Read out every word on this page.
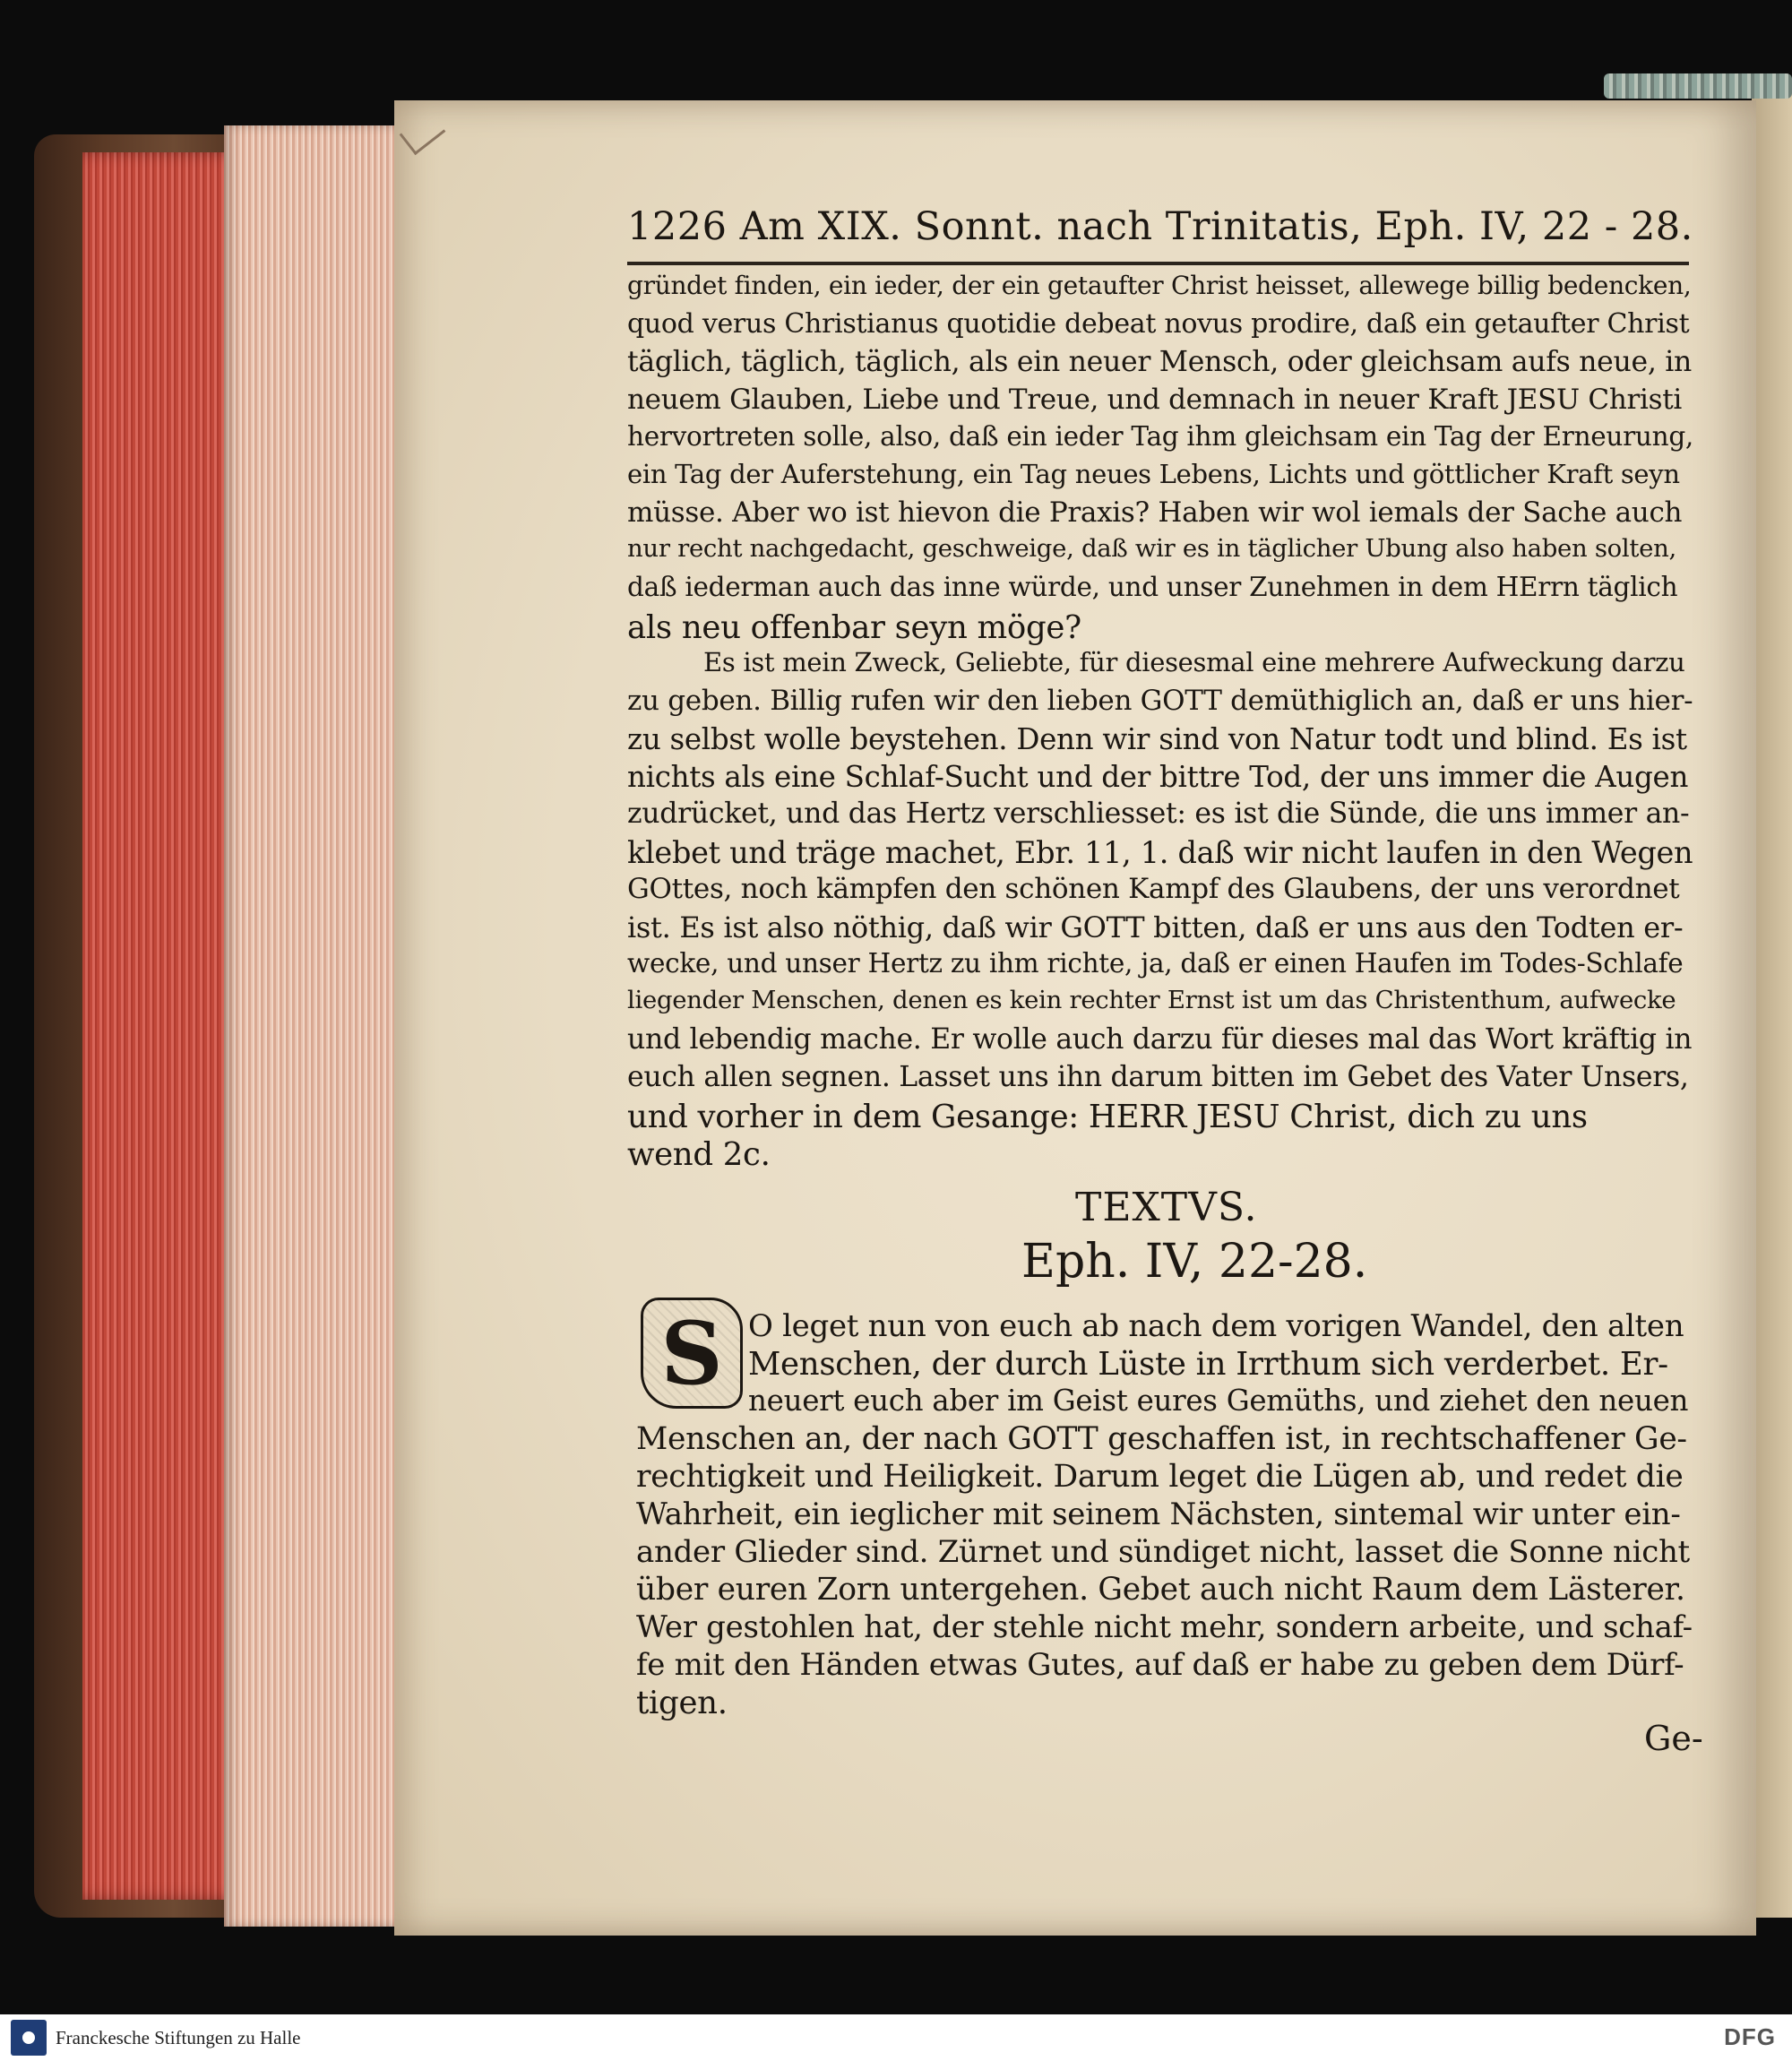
1226 Am XIX. Sonnt. nach Trinitatis, Eph. IV, 22 - 28.
gründet finden, ein ieder, der ein getaufter Christ heisset, allewege billig bedencken,
quod verus Christianus quotidie debeat novus prodire, daß ein getaufter Christ
täglich, täglich, täglich, als ein neuer Mensch, oder gleichsam aufs neue, in
neuem Glauben, Liebe und Treue, und demnach in neuer Kraft JESU Christi
hervortreten solle, also, daß ein ieder Tag ihm gleichsam ein Tag der Erneurung,
ein Tag der Auferstehung, ein Tag neues Lebens, Lichts und göttlicher Kraft seyn
müsse. Aber wo ist hievon die Praxis? Haben wir wol iemals der Sache auch
nur recht nachgedacht, geschweige, daß wir es in täglicher Ubung also haben solten,
daß iederman auch das inne würde, und unser Zunehmen in dem HErrn täglich
als neu offenbar seyn möge?
Es ist mein Zweck, Geliebte, für diesesmal eine mehrere Aufweckung darzu
zu geben. Billig rufen wir den lieben GOTT demüthiglich an, daß er uns hier-
zu selbst wolle beystehen. Denn wir sind von Natur todt und blind. Es ist
nichts als eine Schlaf-Sucht und der bittre Tod, der uns immer die Augen
zudrücket, und das Hertz verschliesset: es ist die Sünde, die uns immer an-
klebet und träge machet, Ebr. 11, 1. daß wir nicht laufen in den Wegen
GOttes, noch kämpfen den schönen Kampf des Glaubens, der uns verordnet
ist. Es ist also nöthig, daß wir GOTT bitten, daß er uns aus den Todten er-
wecke, und unser Hertz zu ihm richte, ja, daß er einen Haufen im Todes-Schlafe
liegender Menschen, denen es kein rechter Ernst ist um das Christenthum, aufwecke
und lebendig mache. Er wolle auch darzu für dieses mal das Wort kräftig in
euch allen segnen. Lasset uns ihn darum bitten im Gebet des Vater Unsers,
und vorher in dem Gesange: HERR JESU Christ, dich zu uns
wend 2c.
TEXTVS.
Eph. IV, 22-28.
S O leget nun von euch ab nach dem vorigen Wandel, den alten
Menschen, der durch Lüste in Irrthum sich verderbet. Er-
neuert euch aber im Geist eures Gemüths, und ziehet den neuen
Menschen an, der nach GOTT geschaffen ist, in rechtschaffener Ge-
rechtigkeit und Heiligkeit. Darum leget die Lügen ab, und redet die
Wahrheit, ein ieglicher mit seinem Nächsten, sintemal wir unter ein-
ander Glieder sind. Zürnet und sündiget nicht, lasset die Sonne nicht
über euren Zorn untergehen. Gebet auch nicht Raum dem Lästerer.
Wer gestohlen hat, der stehle nicht mehr, sondern arbeite, und schaf-
fe mit den Händen etwas Gutes, auf daß er habe zu geben dem Dürf-
tigen.
Ge-
Franckesche Stiftungen zu Halle	DFG
